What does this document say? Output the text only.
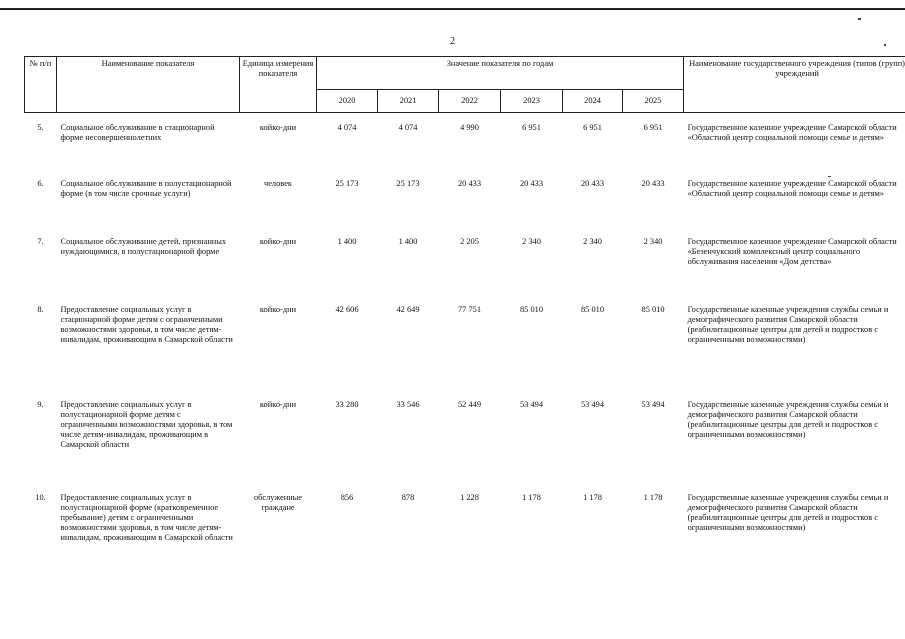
2
№ п/п	Наименование показателя	Единица измерения показателя	Значение показателя по годам						Наименование государственного учреждения (типов (групп) учреждений
			2020	2021	2022	2023	2024	2025	

5.	Социальное обслуживание в стационарной форме несовершеннолетних	койко-дни	4 074	4 074	4 990	6 951	6 951	6 951	Государственное казенное учреждение Самарской области «Областной центр социальной помощи семье и детям»
6.	Социальное обслуживание в полустационарной форме (в том числе срочные услуги)	человек	25 173	25 173	20 433	20 433	20 433	20 433	Государственное казенное учреждение Самарской области «Областной центр социальной помощи семье и детям»
7.	Социальное обслуживание детей, признанных нуждающимися, в полустационарной форме	койко-дни	1 400	1 400	2 205	2 340	2 340	2 340	Государственное казенное учреждение Самарской области «Безенчукский комплексный центр социального обслуживания населения «Дом детства»
8.	Предоставление социальных услуг в стационарной форме детям с ограниченными возможностями здоровья, в том числе детям-инвалидам, проживающим в Самарской области	койко-дни	42 606	42 649	77 751	85 010	85 010	85 010	Государственные казенные учреждения службы семьи и демографического развития Самарской области (реабилитационные центры для детей и подростков с ограниченными возможностями)
9.	Предоставление социальных услуг в полустационарной форме детям с ограниченными возможностями здоровья, в том числе детям-инвалидам, проживающим в Самарской области	койко-дни	33 280	33 546	52 449	53 494	53 494	53 494	Государственные казенные учреждения службы семьи и демографического развития Самарской области (реабилитационные центры для детей и подростков с ограниченными возможностями)
10.	Предоставление социальных услуг в полустационарной форме (кратковременное пребывание) детям с ограниченными возможностями здоровья, в том числе детям-инвалидам, проживающим в Самарской области	обслуженные граждане	856	878	1 228	1 178	1 178	1 178	Государственные казенные учреждения службы семьи и демографического развития Самарской области (реабилитационные центры для детей и подростков с ограниченными возможностями)
